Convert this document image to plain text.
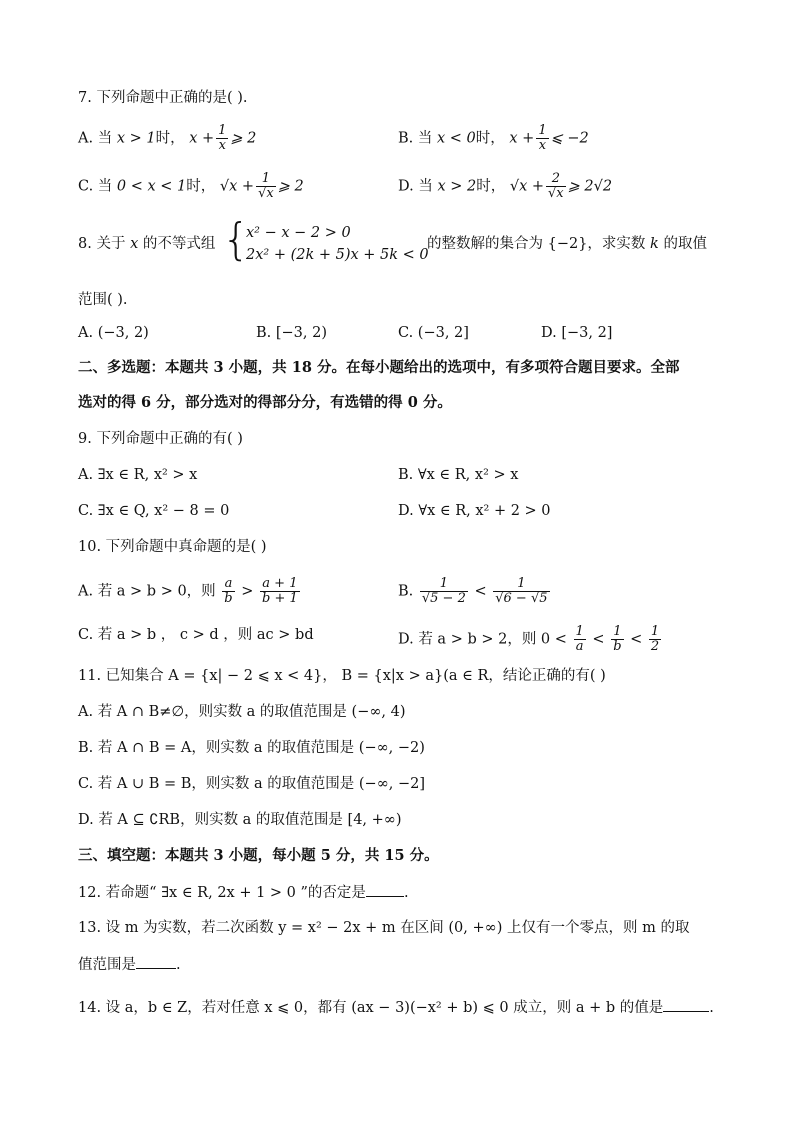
7. 下列命题中正确的是( ).
A. 当 x > 1时， $x + \frac{1}{x}$ ⩾ 2	B. 当 x < 0时， $x + \frac{1}{x}$ ⩽ −2
C. 当 0 < x < 1时， $√x + \frac{1}{√x}$ ⩾ 2	D. 当 x > 2时， $√x + \frac{2}{√x}$ ⩾ 2√2
8. 关于 x 的不等式组 {
x² − x − 2 > 0
2x² + (2k + 5)x + 5k < 0
的整数解的集合为 {−2}，求实数 k 的取值
范围( ).
A. (−3, 2)	B. [−3, 2)	C. (−3, 2]	D. [−3, 2]
二、多选题：本题共 3 小题，共 18 分。在每小题给出的选项中，有多项符合题目要求。全部
选对的得 6 分，部分选对的得部分分，有选错的得 0 分。
9. 下列命题中正确的有( )
A. ∃x ∈ R, x² > x	B. ∀x ∈ R, x² > x
C. ∃x ∈ Q, x² − 8 = 0	D. ∀x ∈ R, x² + 2 > 0
10. 下列命题中真命题的是( )
A. 若 a > b > 0，则 $\frac{a}{b} > \frac{a + 1}{b + 1}$	B. $\frac{1}{√5 - 2} < \frac{1}{√6 - √5}$
C. 若 a > b ， c > d ，则 ac > bd	D. 若 a > b > 2，则 $0 < \frac{1}{a} < \frac{1}{b} < \frac{1}{2}$
11. 已知集合 A = {x| − 2 ⩽ x < 4}， B = {x|x > a}(a ∈ R，结论正确的有( )
A. 若 A ∩ B≠∅，则实数 a 的取值范围是 (−∞, 4)
B. 若 A ∩ B = A，则实数 a 的取值范围是 (−∞, −2)
C. 若 A ∪ B = B，则实数 a 的取值范围是 (−∞, −2]
D. 若 A ⊆ ∁RB，则实数 a 的取值范围是 [4, +∞)
三、填空题：本题共 3 小题，每小题 5 分，共 15 分。
12. 若命题“ ∃x ∈ R, 2x + 1 > 0 ”的否定是	.
13. 设 m 为实数，若二次函数 y = x² − 2x + m 在区间 (0, +∞) 上仅有一个零点，则 m 的取
值范围是	.
14. 设 a，b ∈ Z，若对任意 x ⩽ 0，都有 (ax − 3)(−x² + b) ⩽ 0 成立，则 a + b 的值是	.
